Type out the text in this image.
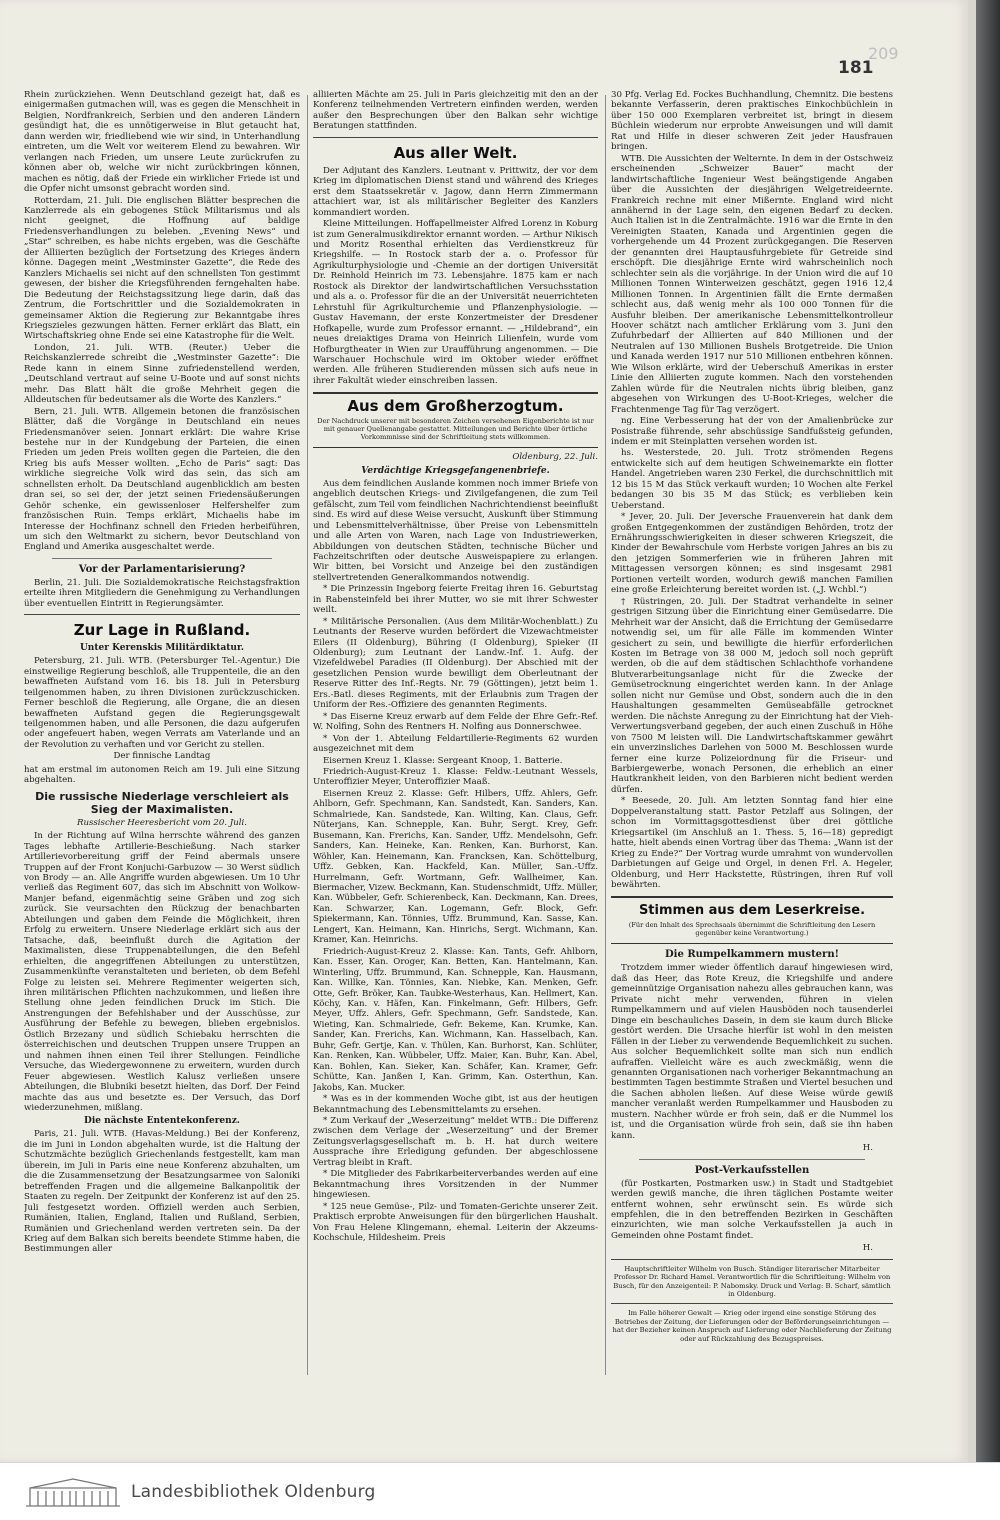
181
209

Rhein zurückziehen. Wenn Deutschland gezeigt hat, daß es einigermaßen gutmachen will, was es gegen die Menschheit in Belgien, Nordfrankreich, Serbien und den anderen Ländern gesündigt hat, die es unnötigerweise in Blut getaucht hat, dann werden wir, friedliebend wie wir sind, in Unterhandlung eintreten, um die Welt vor weiterem Elend zu bewahren. Wir verlangen nach Frieden, um unsere Leute zurückrufen zu können aber ob, welche wir nicht zurückbringen können, machen es nötig, daß der Friede ein wirklicher Friede ist und die Opfer nicht umsonst gebracht worden sind.

Rotterdam, 21. Juli. Die englischen Blätter besprechen die Kanzlerrede als ein gebogenes Stück Militarismus und als nicht geeignet, die Hoffnung auf baldige Friedensverhandlungen zu beleben. „Evening News“ und „Star“ schreiben, es habe nichts ergeben, was die Geschäfte der Alliierten bezüglich der Fortsetzung des Krieges ändern könne. Dagegen meint „Westminster Gazette“, die Rede des Kanzlers Michaelis sei nicht auf den schnellsten Ton gestimmt gewesen, der bisher die Kriegsführenden ferngehalten habe. Die Bedeutung der Reichstagssitzung liege darin, daß das Zentrum, die Fortschrittler und die Sozialdemokraten in gemeinsamer Aktion die Regierung zur Bekanntgabe ihres Kriegszieles gezwungen hätten. Ferner erklärt das Blatt, ein Wirtschaftskrieg ohne Ende sei eine Katastrophe für die Welt.

London, 21. Juli. WTB. (Reuter.) Ueber die Reichskanzlerrede schreibt die „Westminster Gazette“: Die Rede kann in einem Sinne zufriedenstellend werden, „Deutschland vertraut auf seine U-Boote und auf sonst nichts mehr. Das Blatt hält die große Mehrheit gegen die Alldeutschen für bedeutsamer als die Worte des Kanzlers.“

Bern, 21. Juli. WTB. Allgemein betonen die französischen Blätter, daß die Vorgänge in Deutschland ein neues Friedensmanöver seien. Jonnart erklärt: Die wahre Krise bestehe nur in der Kundgebung der Parteien, die einen Frieden um jeden Preis wollten gegen die Parteien, die den Krieg bis aufs Messer wollten. „Echo de Paris“ sagt: Das wirkliche siegreiche Volk wird das sein, das sich am schnellsten erholt. Da Deutschland augenblicklich am besten dran sei, so sei der, der jetzt seinen Friedensäußerungen Gehör schenke, ein gewissenloser Helfershelfer zum französischen Ruin. Temps erklärt, Michaelis habe im Interesse der Hochfinanz schnell den Frieden herbeiführen, um sich den Weltmarkt zu sichern, bevor Deutschland von England und Amerika ausgeschaltet werde.

Vor der Parlamentarisierung?

Berlin, 21. Juli. Die Sozialdemokratische Reichstagsfraktion erteilte ihren Mitgliedern die Genehmigung zu Verhandlungen über eventuellen Eintritt in Regierungsämter.

Zur Lage in Rußland.
Unter Kerenskis Militärdiktatur.

Petersburg, 21. Juli. WTB. (Petersburger Tel.-Agentur.) Die einstweilige Regierung beschloß, alle Truppenteile, die an den bewaffneten Aufstand vom 16. bis 18. Juli in Petersburg teilgenommen haben, zu ihren Divisionen zurückzuschicken. Ferner beschloß die Regierung, alle Organe, die an diesen bewaffneten Aufstand gegen die Regierungsgewalt teilgenommen haben, und alle Personen, die dazu aufgerufen oder angefeuert haben, wegen Verrats am Vaterlande und an der Revolution zu verhaften und vor Gericht zu stellen.

Der finnische Landtag

hat am erstmal im autonomen Reich am 19. Juli eine Sitzung abgehalten.

Die russische Niederlage verschleiert als Sieg der Maximalisten.
Russischer Heeresbericht vom 20. Juli.

In der Richtung auf Wilna herrschte während des ganzen Tages lebhafte Artillerie-Beschießung. Nach starker Artillerievorbereitung griff der Feind abermals unsere Truppen auf der Front Konjuchi-Garbuzow — 30 Werst südlich von Brody — an. Alle Angriffe wurden abgewiesen. Um 10 Uhr verließ das Regiment 607, das sich im Abschnitt von Wolkow-Manjer befand, eigenmächtig seine Gräben und zog sich zurück. Sie veursachten den Rückzug der benachbarten Abteilungen und gaben dem Feinde die Möglichkeit, ihren Erfolg zu erweitern. Unsere Niederlage erklärt sich aus der Tatsache, daß, beeinflußt durch die Agitation der Maximalisten, diese Truppenabteilungen, die den Befehl erhielten, die angegriffenen Abteilungen zu unterstützen, Zusammenkünfte veranstalteten und berieten, ob dem Befehl Folge zu leisten sei. Mehrere Regimenter weigerten sich, ihren militärischen Pflichten nachzukommen, und ließen ihre Stellung ohne jeden feindlichen Druck im Stich. Die Anstrengungen der Befehlshaber und der Ausschüsse, zur Ausführung der Befehle zu bewegen, blieben ergebnislos. Östlich Brzezany und südlich Schiebaku herrschten die österreichischen und deutschen Truppen unsere Truppen an und nahmen ihnen einen Teil ihrer Stellungen. Feindliche Versuche, das Wiedergewonnene zu erweitern, wurden durch Feuer abgewiesen. Westlich Kalusz verließen unsere Abteilungen, die Blubniki besetzt hielten, das Dorf. Der Feind machte das aus und besetzte es. Der Versuch, das Dorf wiederzunehmen, mißlang.

Die nächste Ententekonferenz.

Paris, 21. Juli. WTB. (Havas-Meldung.) Bei der Konferenz, die im Juni in London abgehalten wurde, ist die Haltung der Schutzmächte bezüglich Griechenlands festgestellt, kam man überein, im Juli in Paris eine neue Konferenz abzuhalten, um die die Zusammensetzung der Besatzungsarmee von Saloniki betreffenden Fragen und die allgemeine Balkanpolitik der Staaten zu regeln. Der Zeitpunkt der Konferenz ist auf den 25. Juli festgesetzt worden. Offiziell werden auch Serbien, Rumänien, Italien, England, Italien und Rußland, Serbien, Rumänien und Griechenland werden vertreten sein. Da der Krieg auf dem Balkan sich bereits beendete Stimme haben, die Bestimmungen aller

alliierten Mächte am 25. Juli in Paris gleichzeitig mit den an der Konferenz teilnehmenden Vertretern einfinden werden, werden außer den Besprechungen über den Balkan sehr wichtige Beratungen stattfinden.

Aus aller Welt.

Der Adjutant des Kanzlers. Leutnant v. Prittwitz, der vor dem Krieg im diplomatischen Dienst stand und während des Krieges erst dem Staatssekretär v. Jagow, dann Herrn Zimmermann attachiert war, ist als militärischer Begleiter des Kanzlers kommandiert worden.

Kleine Mitteilungen. Hoffapellmeister Alfred Lorenz in Koburg ist zum Generalmusikdirektor ernannt worden. — Arthur Nikisch und Moritz Rosenthal erhielten das Verdienstkreuz für Kriegshilfe. — In Rostock starb der a. o. Professor für Agrikulturphysiologie und -Chemie an der dortigen Universität Dr. Reinhold Heinrich im 73. Lebensjahre. 1875 kam er nach Rostock als Direktor der landwirtschaftlichen Versuchsstation und als a. o. Professor für die an der Universität neuerrichteten Lehrstuhl für Agrikulturchemie und Pflanzenphysiologie. — Gustav Havemann, der erste Konzertmeister der Dresdener Hofkapelle, wurde zum Professor ernannt. — „Hildebrand“, ein neues dreiaktiges Drama von Heinrich Lilienfein, wurde vom Hofburgtheater in Wien zur Uraufführung angenommen. — Die Warschauer Hochschule wird im Oktober wieder eröffnet werden. Alle früheren Studierenden müssen sich aufs neue in ihrer Fakultät wieder einschreiben lassen.

Aus dem Großherzogtum.
Der Nachdruck unserer mit besonderen Zeichen versehenen Eigenberichte ist nur mit genauer Quellenangabe gestattet. Mitteilungen und Berichte über örtliche Vorkommnisse sind der Schriftleitung stets willkommen.
Oldenburg, 22. Juli.
Verdächtige Kriegsgefangenenbriefe.

Aus dem feindlichen Auslande kommen noch immer Briefe von angeblich deutschen Kriegs- und Zivilgefangenen, die zum Teil gefälscht, zum Teil vom feindlichen Nachrichtendienst beeinflußt sind. Es wird auf diese Weise versucht, Auskunft über Stimmung und Lebensmittelverhältnisse, über Preise von Lebensmitteln und alle Arten von Waren, nach Lage von Industriewerken, Abbildungen von deutschen Städten, technische Bücher und Fachzeitschriften oder deutsche Ausweispapiere zu erlangen. Wir bitten, bei Vorsicht und Anzeige bei den zuständigen stellvertretenden Generalkommandos notwendig.

* Die Prinzessin Ingeborg feierte Freitag ihren 16. Geburtstag in Rabensteinfeld bei ihrer Mutter, wo sie mit ihrer Schwester weilt.

* Militärische Personalien. (Aus dem Militär-Wochenblatt.) Zu Leutnants der Reserve wurden befördert die Vizewachtmeister Eilers (II Oldenburg), Bühring (I Oldenburg), Spieker (II Oldenburg); zum Leutnant der Landw.-Inf. 1. Aufg. der Vizefeldwebel Paradies (II Oldenburg). Der Abschied mit der gesetzlichen Pension wurde bewilligt dem Oberleutnant der Reserve Ritter des Inf.-Regts. Nr. 79 (Göttingen), jetzt beim 1. Ers.-Batl. dieses Regiments, mit der Erlaubnis zum Tragen der Uniform der Res.-Offiziere des genannten Regiments.

* Das Eiserne Kreuz erwarb auf dem Felde der Ehre Gefr.-Ref. W. Nolfing, Sohn des Rentners H. Nolfing aus Donnerschwee.

* Von der 1. Abteilung Feldartillerie-Regiments 62 wurden ausgezeichnet mit dem

Eisernen Kreuz 1. Klasse: Sergeant Knoop, 1. Batterie.

Friedrich-August-Kreuz 1. Klasse: Feldw.-Leutnant Wessels, Unteroffizier Meyer, Unteroffizier Maaß.

Eisernen Kreuz 2. Klasse: Gefr. Hilbers, Uffz. Ahlers, Gefr. Ahlborn, Gefr. Spechmann, Kan. Sandstedt, Kan. Sanders, Kan. Schmalriede, Kan. Sandstede, Kan. Wilting, Kan. Claus, Gefr. Nüterjans, Kan. Schnepple, Kan. Buhr, Sergt. Krey, Gefr. Busemann, Kan. Frerichs, Kan. Sander, Uffz. Mendelsohn, Gefr. Sanders, Kan. Heineke, Kan. Renken, Kan. Burhorst, Kan. Wöhler, Kan. Heinemann, Kan. Francksen, Kan. Schöttelburg, Uffz. Gebken, Kan. Hackfeld, Kan. Müller, San.-Uffz. Hurrelmann, Gefr. Wortmann, Gefr. Wallheimer, Kan. Biermacher, Vizew. Beckmann, Kan. Studenschmidt, Uffz. Müller, Kan. Wübbeler, Gefr. Schierenbeck, Kan. Deckmann, Kan. Drees, Kan. Schwarzer, Kan. Logemann, Gefr. Block, Gefr. Spiekermann, Kan. Tönnies, Uffz. Brummund, Kan. Sasse, Kan. Lengert, Kan. Heimann, Kan. Hinrichs, Sergt. Wichmann, Kan. Kramer, Kan. Heinrichs.

Friedrich-August-Kreuz 2. Klasse: Kan. Tants, Gefr. Ahlborn, Kan. Esser, Kan. Oroger, Kan. Betten, Kan. Hantelmann, Kan. Winterling, Uffz. Brummund, Kan. Schnepple, Kan. Hausmann, Kan. Willke, Kan. Tönnies, Kan. Niebke, Kan. Menken, Gefr. Otte, Gefr. Bröker, Kan. Taubke-Westerhaus, Kan. Hellmert, Kan. Köchy, Kan. v. Häfen, Kan. Finkelmann, Gefr. Hilbers, Gefr. Meyer, Uffz. Ahlers, Gefr. Spechmann, Gefr. Sandstede, Kan. Wieting, Kan. Schmalriede, Gefr. Bekeme, Kan. Krumke, Kan. Sander, Kan. Frerichs, Kan. Wichmann, Kan. Hasselbach, Kan. Buhr, Gefr. Gertje, Kan. v. Thülen, Kan. Burhorst, Kan. Schlüter, Kan. Renken, Kan. Wübbeler, Uffz. Maier, Kan. Buhr, Kan. Abel, Kan. Bohlen, Kan. Sieker, Kan. Schäfer, Kan. Kramer, Gefr. Schütte, Kan. Janßen I, Kan. Grimm, Kan. Osterthun, Kan. Jakobs, Kan. Mucker.

* Was es in der kommenden Woche gibt, ist aus der heutigen Bekanntmachung des Lebensmittelamts zu ersehen.

* Zum Verkauf der „Weserzeitung“ meldet WTB.: Die Differenz zwischen dem Verlage der „Weserzeitung“ und der Bremer Zeitungsverlagsgesellschaft m. b. H. hat durch weitere Aussprache ihre Erledigung gefunden. Der abgeschlossene Vertrag bleibt in Kraft.

* Die Mitglieder des Fabrikarbeiterverbandes werden auf eine Bekanntmachung ihres Vorsitzenden in der Nummer hingewiesen.

* 125 neue Gemüse-, Pilz- und Tomaten-Gerichte unserer Zeit. Praktisch erprobte Anweisungen für den bürgerlichen Haushalt. Von Frau Helene Klingemann, ehemal. Leiterin der Akzeums-Kochschule, Hildesheim. Preis

30 Pfg. Verlag Ed. Fockes Buchhandlung, Chemnitz. Die bestens bekannte Verfasserin, deren praktisches Einkochbüchlein in über 150 000 Exemplaren verbreitet ist, bringt in diesem Büchlein wiederum nur erprobte Anweisungen und will damit Rat und Hilfe in dieser schweren Zeit jeder Hausfrauen bringen.

WTB. Die Aussichten der Welternte. In dem in der Ostschweiz erscheinenden „Schweizer Bauer“ macht der landwirtschaftliche Ingenieur West beängstigende Angaben über die Aussichten der diesjährigen Welgetreideernte. Frankreich rechne mit einer Mißernte. England wird nicht annähernd in der Lage sein, den eigenen Bedarf zu decken. Auch Italien ist in die Zentralmächte. 1916 war die Ernte in den Vereinigten Staaten, Kanada und Argentinien gegen die vorhergehende um 44 Prozent zurückgegangen. Die Reserven der genannten drei Hauptausfuhrgebiete für Getreide sind erschöpft. Die diesjährige Ernte wird wahrscheinlich noch schlechter sein als die vorjährige. In der Union wird die auf 10 Millionen Tonnen Winterweizen geschätzt, gegen 1916 12,4 Millionen Tonnen. In Argentinien fällt die Ernte dermaßen schlecht aus, daß wenig mehr als 100 000 Tonnen für die Ausfuhr bleiben. Der amerikanische Lebensmittelkontrolleur Hoover schätzt nach amtlicher Erklärung vom 3. Juni den Zufuhrbedarf der Alliierten auf 840 Millionen und der Neutralen auf 130 Millionen Bushels Brotgetreide. Die Union und Kanada werden 1917 nur 510 Millionen entbehren können. Wie Wilson erklärte, wird der Ueberschuß Amerikas in erster Linie den Alliierten zugute kommen. Nach den vorstehenden Zahlen würde für die Neutralen nichts übrig bleiben, ganz abgesehen von Wirkungen des U-Boot-Krieges, welcher die Frachtenmenge Tag für Tag verzögert.

ng. Eine Verbesserung hat der von der Amalienbrücke zur Posistraße führende, sehr abschüssige Sandfußsteig gefunden, indem er mit Steinplatten versehen worden ist.

hs. Westerstede, 20. Juli. Trotz strömenden Regens entwickelte sich auf dem heutigen Schweinemarkte ein flotter Handel. Angetrieben waren 230 Ferkel, die durchschnittlich mit 12 bis 15 M das Stück verkauft wurden; 10 Wochen alte Ferkel bedangen 30 bis 35 M das Stück; es verblieben kein Ueberstand.

* Jever, 20. Juli. Der Jeversche Frauenverein hat dank dem großen Entgegenkommen der zuständigen Behörden, trotz der Ernährungsschwierigkeiten in dieser schweren Kriegszeit, die Kinder der Bewahrschule vom Herbste vorigen Jahres an bis zu den jetzigen Sommerferien wie in früheren Jahren mit Mittagessen versorgen können; es sind insgesamt 2981 Portionen verteilt worden, wodurch gewiß manchen Familien eine große Erleichterung bereitet worden ist. („J. Wchbl.“)

† Rüstringen, 20. Juli. Der Stadtrat verhandelte in seiner gestrigen Sitzung über die Einrichtung einer Gemüsedarre. Die Mehrheit war der Ansicht, daß die Errichtung der Gemüsedarre notwendig sei, um für alle Fälle im kommenden Winter gesichert zu sein, und bewilligte die hierfür erforderlichen Kosten im Betrage von 38 000 M, jedoch soll noch geprüft werden, ob die auf dem städtischen Schlachthofe vorhandene Blutverarbeitungsanlage nicht für die Zwecke der Gemüsetrocknung eingerichtet werden kann. In der Anlage sollen nicht nur Gemüse und Obst, sondern auch die in den Haushaltungen gesammelten Gemüseabfälle getrocknet werden. Die nächste Anregung zu der Einrichtung hat der Vieh-Verwertungsverband gegeben, der auch einen Zuschuß in Höhe von 7500 M leisten will. Die Landwirtschaftskammer gewährt ein unverzinsliches Darlehen von 5000 M. Beschlossen wurde ferner eine kurze Polizeiordnung für die Friseur- und Barbiergewerbe, wonach Personen, die erheblich an einer Hautkrankheit leiden, von den Barbieren nicht bedient werden dürfen.

* Beesede, 20. Juli. Am letzten Sonntag fand hier eine Doppelveranstaltung statt. Pastor Petzlaff aus Solingen, der schon im Vormittagsgottesdienst über drei göttliche Kriegsartikel (im Anschluß an 1. Thess. 5, 16—18) gepredigt hatte, hielt abends einen Vortrag über das Thema: „Wann ist der Krieg zu Ende?“ Der Vortrag wurde umrahmt von wundervollen Darbietungen auf Geige und Orgel, in denen Frl. A. Hegeler, Oldenburg, und Herr Hackstette, Rüstringen, ihren Ruf voll bewährten.

Stimmen aus dem Leserkreise.
(Für den Inhalt des Sprechsaals übernimmt die Schriftleitung den Lesern gegenüber keine Verantwortung.)
Die Rumpelkammern mustern!

Trotzdem immer wieder öffentlich darauf hingewiesen wird, daß das Heer, das Rote Kreuz, die Kriegshilfe und andere gemeinnützige Organisation nahezu alles gebrauchen kann, was Private nicht mehr verwenden, führen in vielen Rumpelkammern und auf vielen Hausböden noch tausenderlei Dinge ein beschauliches Dasein, in dem sie kaum durch Blicke gestört werden. Die Ursache hierfür ist wohl in den meisten Fällen in der Lieber zu verwendende Bequemlichkeit zu suchen. Aus solcher Bequemlichkeit sollte man sich nun endlich aufraffen. Vielleicht wäre es auch zweckmäßig, wenn die genannten Organisationen nach vorheriger Bekanntmachung an bestimmten Tagen bestimmte Straßen und Viertel besuchen und die Sachen abholen ließen. Auf diese Weise würde gewiß mancher veranlaßt werden Rumpelkammer und Hausboden zu mustern. Nachher würde er froh sein, daß er die Nummel los ist, und die Organisation würde froh sein, daß sie ihn haben kann.

H.
Post-Verkaufsstellen

(für Postkarten, Postmarken usw.) in Stadt und Stadtgebiet werden gewiß manche, die ihren täglichen Postamte weiter entfernt wohnen, sehr erwünscht sein. Es würde sich empfehlen, die in den betreffenden Bezirken in Geschäften einzurichten, wie man solche Verkaufsstellen ja auch in Gemeinden ohne Postamt findet.

H.
Hauptschriftleiter Wilhelm von Busch. Ständiger literarischer Mitarbeiter Professor Dr. Richard Hamel. Verantwortlich für die Schriftleitung: Wilhelm von Busch, für den Anzeigenteil: P. Nabomsky. Druck und Verlag: B. Scharf, sämtlich in Oldenburg.
Im Falle höherer Gewalt — Krieg oder irgend eine sonstige Störung des Betriebes der Zeitung, der Lieferungen oder der Beförderungseinrichtungen — hat der Bezieher keinen Anspruch auf Lieferung oder Nachlieferung der Zeitung oder auf Rückzahlung des Bezugspreises.
Landesbibliothek Oldenburg
